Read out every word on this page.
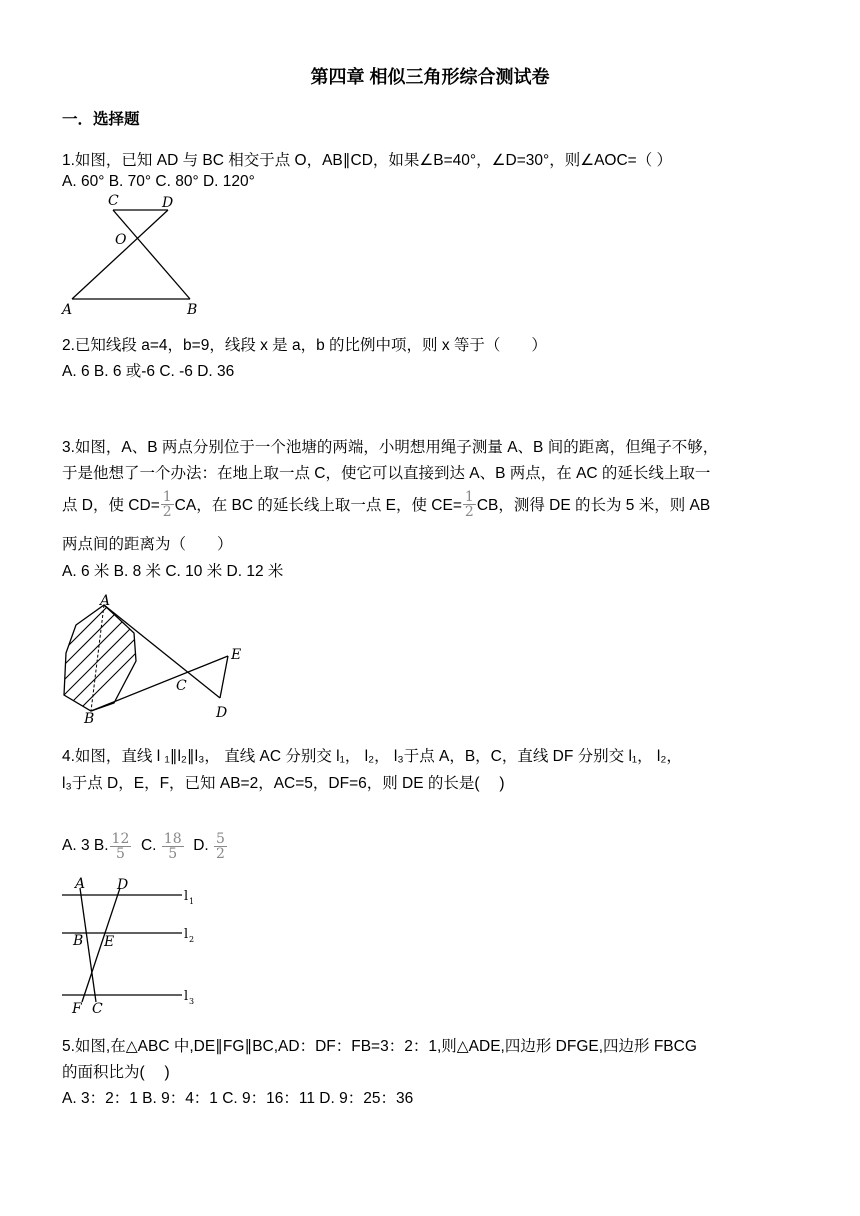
第四章 相似三角形综合测试卷
一．选择题
1.如图，已知 AD 与 BC 相交于点 O，AB∥CD，如果∠B=40°，∠D=30°，则∠AOC=（ ）
A. 60° B. 70° C. 80° D. 120°
C	D
O
A	B
2.已知线段 a=4，b=9，线段 x 是 a，b 的比例中项，则 x 等于（　　）
A. 6 B. 6 或-6 C. -6 D. 36
3.如图，A、B 两点分别位于一个池塘的两端，小明想用绳子测量 A、B 间的距离，但绳子不够，
于是他想了一个办法：在地上取一点 C，使它可以直接到达 A、B 两点，在 AC 的延长线上取一
点 D，使 $CD= \frac{1}{2}$ CA，在 BC 的延长线上取一点 E，使 $CE= \frac{1}{2}$ CB，测得 DE 的长为 5 米，则 AB
两点间的距离为（　　）
A. 6 米 B. 8 米 C. 10 米 D. 12 米
A
B
C
D
E
4.如图，直线 l ₁∥l₂∥l₃， 直线 AC 分别交 l₁， l₂， l₃于点 A，B，C，直线 DF 分别交 l₁， l₂，
l₃于点 D，E，F，已知 AB=2，AC=5，DF=6，则 DE 的长是(　 )
A. 3 B. $\frac{12}{5} C$. $\frac{18}{5} D$. $\frac{5}{2}$
A D
B E
F C
l 1
l 2
l 3
5.如图,在△ABC 中,DE∥FG∥BC,AD：DF：FB=3：2：1,则△ADE,四边形 DFGE,四边形 FBCG
的面积比为(　 )
A. 3：2：1 B. 9：4：1 C. 9：16：11 D. 9：25：36
